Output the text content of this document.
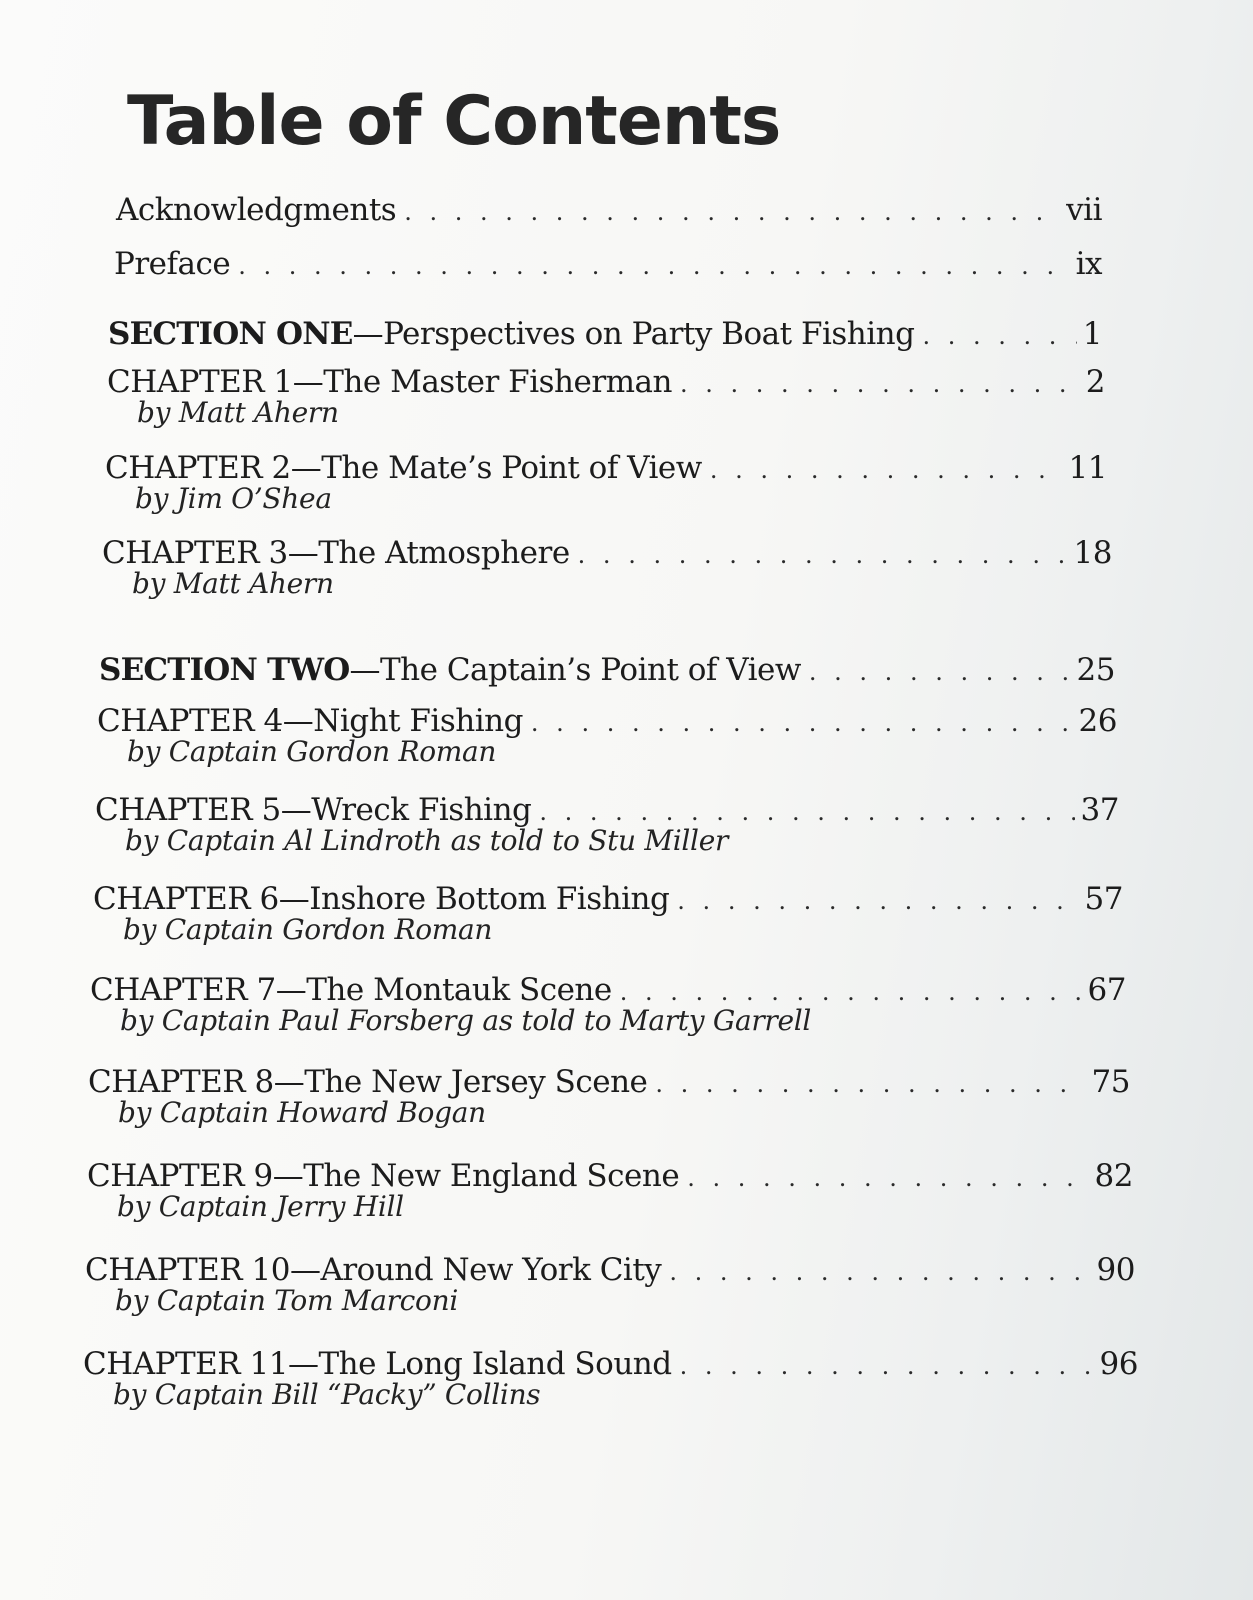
Table of Contents
Acknowledgments . . .	vii
Preface . . .	ix
SECTION ONE—Perspectives on Party Boat Fishing . . .	1
CHAPTER 1—The Master Fisherman . . .	2
by Matt Ahern
CHAPTER 2—The Mate’s Point of View . . .	11
by Jim O’Shea
CHAPTER 3—The Atmosphere . . .	18
by Matt Ahern
SECTION TWO—The Captain’s Point of View . . .	25
CHAPTER 4—Night Fishing . . .	26
by Captain Gordon Roman
CHAPTER 5—Wreck Fishing . . .	37
by Captain Al Lindroth as told to Stu Miller
CHAPTER 6—Inshore Bottom Fishing . . .	57
by Captain Gordon Roman
CHAPTER 7—The Montauk Scene . . .	67
by Captain Paul Forsberg as told to Marty Garrell
CHAPTER 8—The New Jersey Scene . . .	75
by Captain Howard Bogan
CHAPTER 9—The New England Scene . . .	82
by Captain Jerry Hill
CHAPTER 10—Around New York City . . .	90
by Captain Tom Marconi
CHAPTER 11—The Long Island Sound . . .	96
by Captain Bill “Packy” Collins
